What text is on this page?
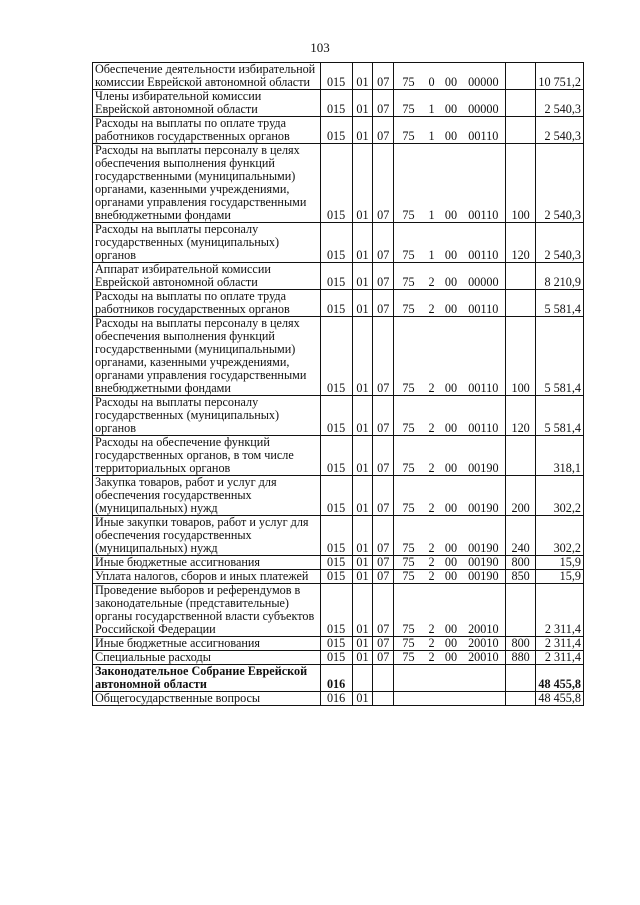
103
Обеспечение деятельности избирательной комиссии Еврейской автономной области	015	01	07	75	0	00	00000		10 751,2
Члены избирательной комиссии Еврейской автономной области	015	01	07	75	1	00	00000		2 540,3
Расходы на выплаты по оплате труда работников государственных органов	015	01	07	75	1	00	00110		2 540,3
Расходы на выплаты персоналу в целях обеспечения выполнения функций государственными (муниципальными) органами, казенными учреждениями, органами управления государственными внебюджетными фондами	015	01	07	75	1	00	00110	100	2 540,3
Расходы на выплаты персоналу государственных (муниципальных) органов	015	01	07	75	1	00	00110	120	2 540,3
Аппарат избирательной комиссии Еврейской автономной области	015	01	07	75	2	00	00000		8 210,9
Расходы на выплаты по оплате труда работников государственных органов	015	01	07	75	2	00	00110		5 581,4
Расходы на выплаты персоналу в целях обеспечения выполнения функций государственными (муниципальными) органами, казенными учреждениями, органами управления государственными внебюджетными фондами	015	01	07	75	2	00	00110	100	5 581,4
Расходы на выплаты персоналу государственных (муниципальных) органов	015	01	07	75	2	00	00110	120	5 581,4
Расходы на обеспечение функций государственных органов, в том числе территориальных органов	015	01	07	75	2	00	00190		318,1
Закупка товаров, работ и услуг для обеспечения государственных (муниципальных) нужд	015	01	07	75	2	00	00190	200	302,2
Иные закупки товаров, работ и услуг для обеспечения государственных (муниципальных) нужд	015	01	07	75	2	00	00190	240	302,2
Иные бюджетные ассигнования	015	01	07	75	2	00	00190	800	15,9
Уплата налогов, сборов и иных платежей	015	01	07	75	2	00	00190	850	15,9
Проведение выборов и референдумов в законодательные (представительные) органы государственной власти субъектов Российской Федерации	015	01	07	75	2	00	20010		2 311,4
Иные бюджетные ассигнования	015	01	07	75	2	00	20010	800	2 311,4
Специальные расходы	015	01	07	75	2	00	20010	880	2 311,4
Законодательное Собрание Еврейской автономной области	016								48 455,8
Общегосударственные вопросы	016	01							48 455,8
